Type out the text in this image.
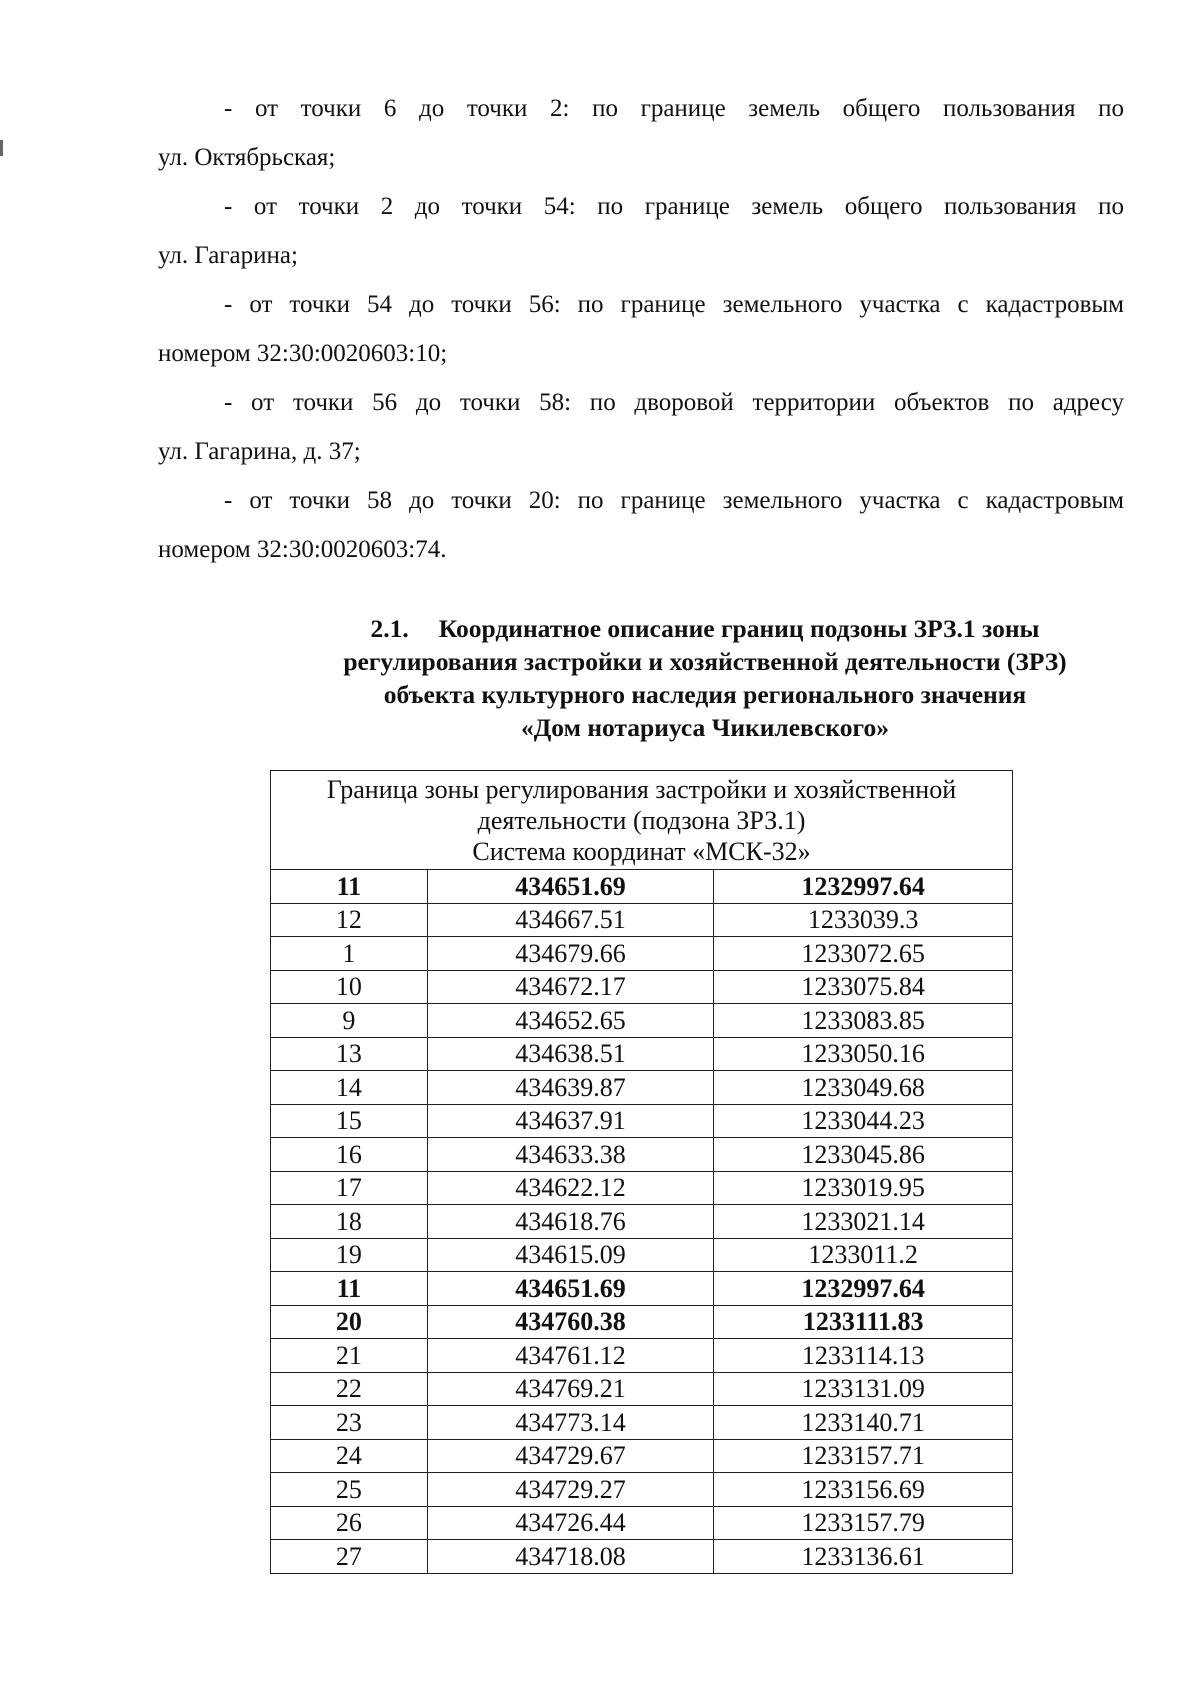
- от точки 6 до точки 2: по границе земель общего пользования по
ул. Октябрьская;

- от точки 2 до точки 54: по границе земель общего пользования по
ул. Гагарина;

- от точки 54 до точки 56: по границе земельного участка с кадастровым
номером 32:30:0020603:10;

- от точки 56 до точки 58: по дворовой территории объектов по адресу
ул. Гагарина, д. 37;

- от точки 58 до точки 20: по границе земельного участка с кадастровым
номером 32:30:0020603:74.

2.1. Координатное описание границ подзоны ЗРЗ.1 зоны
регулирования застройки и хозяйственной деятельности (ЗРЗ)
объекта культурного наследия регионального значения
«Дом нотариуса Чикилевского»
Граница зоны регулирования застройки и хозяйственной
деятельности (подзона ЗРЗ.1)
Система координат «МСК-32»		

11	434651.69	1232997.64
12	434667.51	1233039.3
1	434679.66	1233072.65
10	434672.17	1233075.84
9	434652.65	1233083.85
13	434638.51	1233050.16
14	434639.87	1233049.68
15	434637.91	1233044.23
16	434633.38	1233045.86
17	434622.12	1233019.95
18	434618.76	1233021.14
19	434615.09	1233011.2
11	434651.69	1232997.64
20	434760.38	1233111.83
21	434761.12	1233114.13
22	434769.21	1233131.09
23	434773.14	1233140.71
24	434729.67	1233157.71
25	434729.27	1233156.69
26	434726.44	1233157.79
27	434718.08	1233136.61
